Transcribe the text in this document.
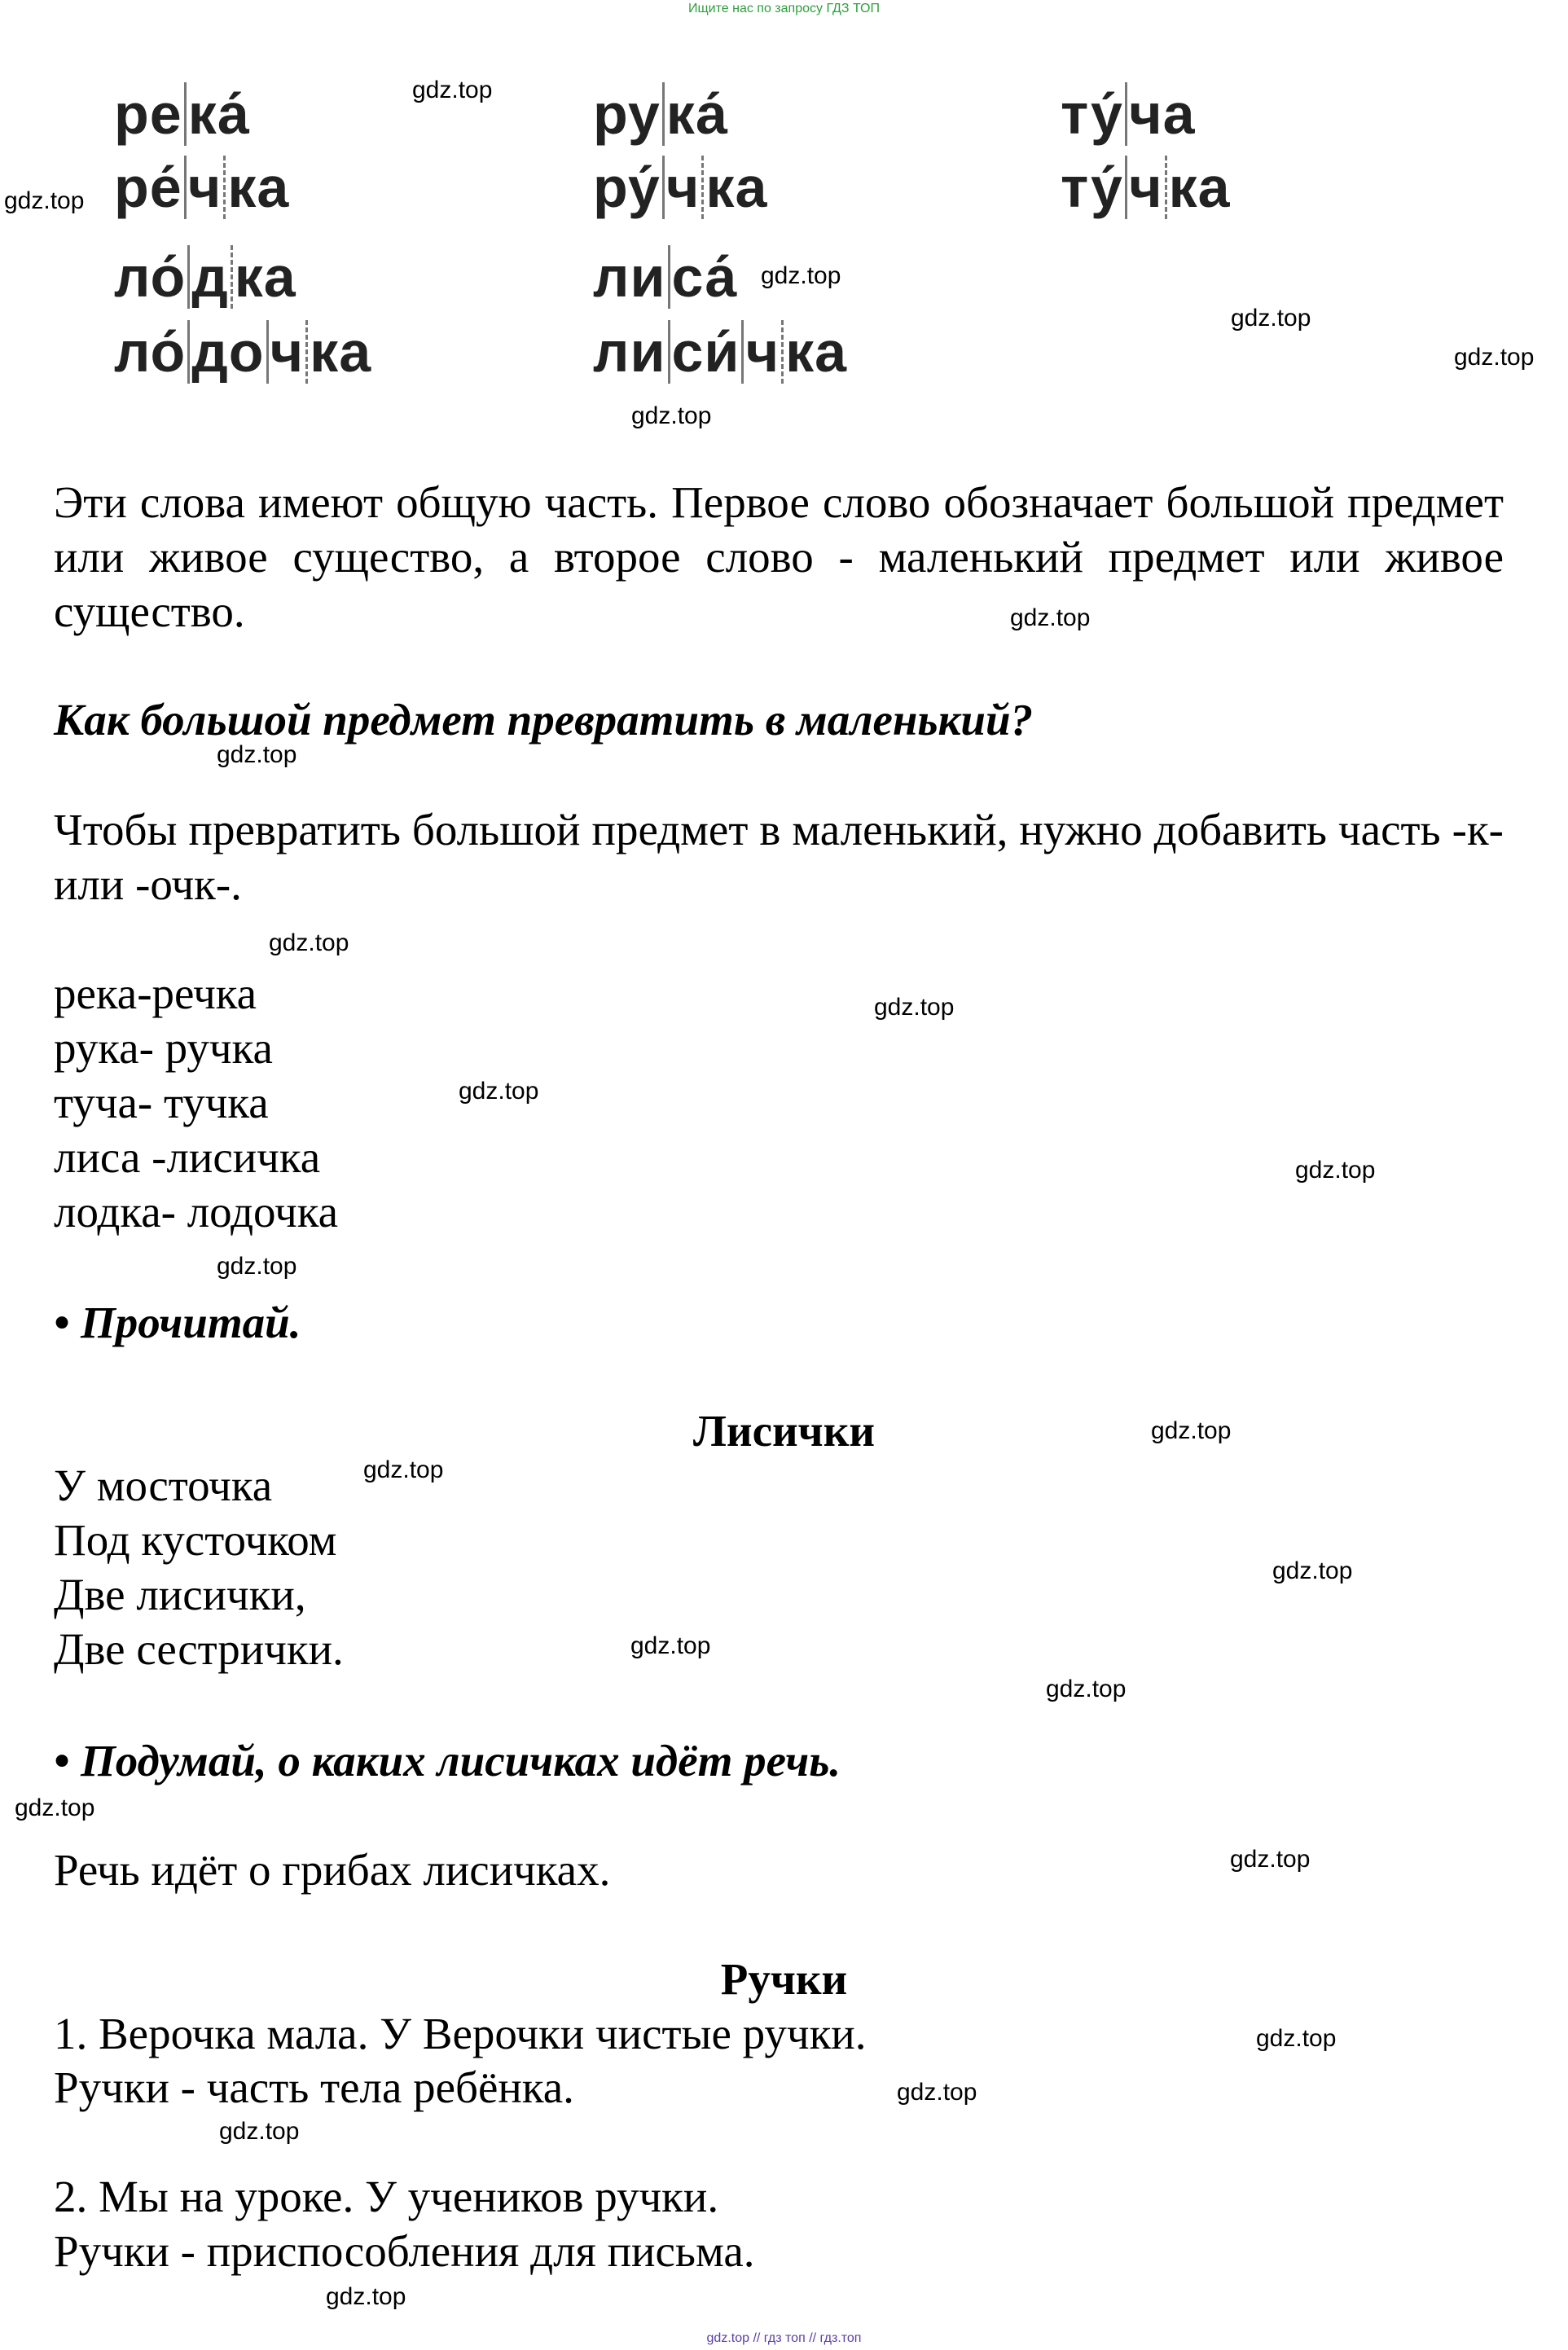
Ищите нас по запросу ГДЗ ТОП
ре ка́
ре́ ч ка
ло́ д ка
ло́ до ч ка
ру ка́
ру́ ч ка
ли са́
ли си́ ч ка
ту́ ча
ту́ ч ка

Эти слова имеют общую часть. Первое слово обозначает большой предмет или живое существо, а второе слово - маленький предмет или живое существо.

Как большой предмет превратить в маленький?

Чтобы превратить большой предмет в маленький, нужно добавить часть -к- или -очк-.

река-речка
рука- ручка
туча- тучка
лиса -лисичка
лодка- лодочка
• Прочитай.
Лисички
У мосточка
Под кусточком
Две лисички,
Две сестрички.
• Подумай, о каких лисичках идёт речь.
Речь идёт о грибах лисичках.
Ручки
1. Верочка мала. У Верочки чистые ручки.
Ручки - часть тела ребёнка.
2. Мы на уроке. У учеников ручки.
Ручки - приспособления для письма.
gdz.top
gdz.top
gdz.top
gdz.top
gdz.top
gdz.top
gdz.top
gdz.top
gdz.top
gdz.top
gdz.top
gdz.top
gdz.top
gdz.top
gdz.top
gdz.top
gdz.top
gdz.top
gdz.top
gdz.top
gdz.top
gdz.top
gdz.top
gdz.top
gdz.top // гдз топ // гдз.топ
